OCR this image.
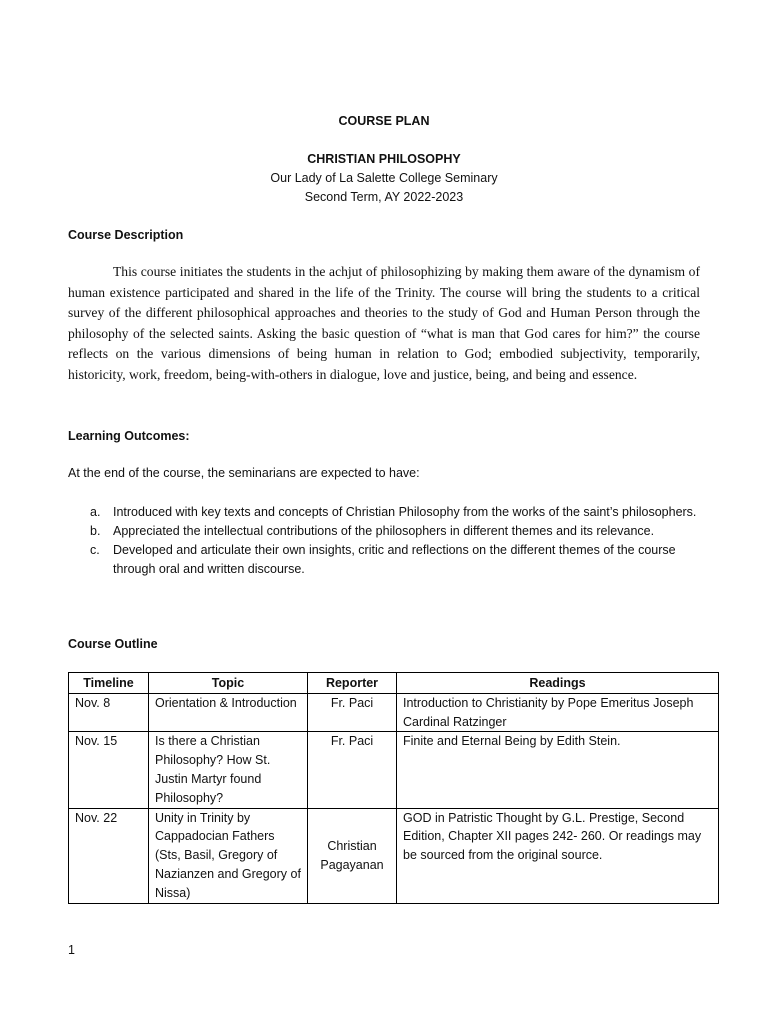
COURSE PLAN
CHRISTIAN PHILOSOPHY
Our Lady of La Salette College Seminary
Second Term, AY 2022-2023
Course Description

This course initiates the students in the achjut of philosophizing by making them aware of the dynamism of human existence participated and shared in the life of the Trinity. The course will bring the students to a critical survey of the different philosophical approaches and theories to the study of God and Human Person through the philosophy of the selected saints. Asking the basic question of “what is man that God cares for him?” the course reflects on the various dimensions of being human in relation to God; embodied subjectivity, temporarily, historicity, work, freedom, being-with-others in dialogue, love and justice, being, and being and essence.

Learning Outcomes:
At the end of the course, the seminarians are expected to have:
a. Introduced with key texts and concepts of Christian Philosophy from the works of the saint’s philosophers.
b. Appreciated the intellectual contributions of the philosophers in different themes and its relevance.
c. Developed and articulate their own insights, critic and reflections on the different themes of the course through oral and written discourse.
Course Outline
Timeline	Topic	Reporter	Readings
Nov. 8	Orientation & Introduction	Fr. Paci	Introduction to Christianity by Pope Emeritus Joseph Cardinal Ratzinger
Nov. 15	Is there a Christian Philosophy? How St. Justin Martyr found Philosophy?	Fr. Paci	Finite and Eternal Being by Edith Stein.
Nov. 22	Unity in Trinity by Cappadocian Fathers (Sts, Basil, Gregory of Nazianzen and Gregory of Nissa)	Christian Pagayanan	GOD in Patristic Thought by G.L. Prestige, Second Edition, Chapter XII pages 242- 260. Or readings may be sourced from the original source.
1
